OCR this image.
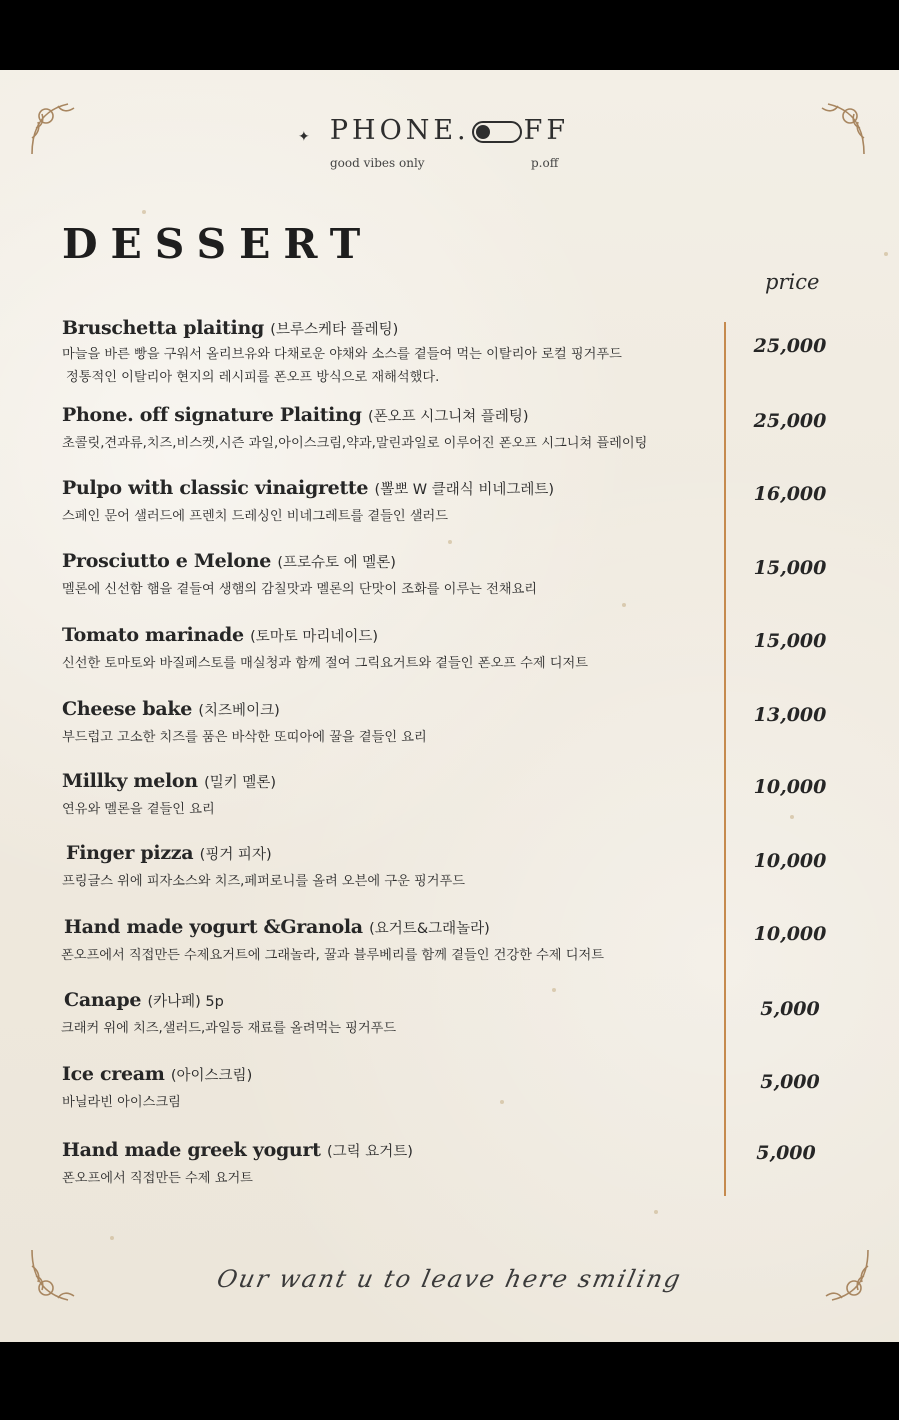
✦ PHONE. FF
good vibes only	p.off
DESSERT
price
Bruschetta plaiting (브루스케타 플레팅)
마늘을 바른 빵을 구워서 올리브유와 다채로운 야채와 소스를 곁들여 먹는 이탈리아 로컬 핑거푸드
정통적인 이탈리아 현지의 레시피를 폰오프 방식으로 재해석했다.
25,000
Phone. off signature Plaiting (폰오프 시그니쳐 플레팅)
초콜릿,견과류,치즈,비스켓,시즌 과일,아이스크림,약과,말린과일로 이루어진 폰오프 시그니쳐 플레이팅
25,000
Pulpo with classic vinaigrette (뽈뽀 W 클래식 비네그레트)
스페인 문어 샐러드에 프렌치 드레싱인 비네그레트를 곁들인 샐러드
16,000
Prosciutto e Melone (프로슈토 에 멜론)
멜론에 신선함 햄을 곁들여 생햄의 감칠맛과 멜론의 단맛이 조화를 이루는 전채요리
15,000
Tomato marinade (토마토 마리네이드)
신선한 토마토와 바질페스토를 매실청과 함께 절여 그릭요거트와 곁들인 폰오프 수제 디저트
15,000
Cheese bake (치즈베이크)
부드럽고 고소한 치즈를 품은 바삭한 또띠아에 꿀을 곁들인 요리
13,000
Millky melon (밀키 멜론)
연유와 멜론을 곁들인 요리
10,000
Finger pizza (핑거 피자)
프링글스 위에 피자소스와 치즈,페퍼로니를 올려 오븐에 구운 핑거푸드
10,000
Hand made yogurt &Granola (요거트&그래놀라)
폰오프에서 직접만든 수제요거트에 그래놀라, 꿀과 블루베리를 함께 곁들인 건강한 수제 디저트
10,000
Canape (카나페) 5p
크래커 위에 치즈,샐러드,과일등 재료를 올려먹는 핑거푸드
5,000
Ice cream (아이스크림)
바닐라빈 아이스크림
5,000
Hand made greek yogurt (그릭 요거트)
폰오프에서 직접만든 수제 요거트
5,000
Our want u to leave here smiling
